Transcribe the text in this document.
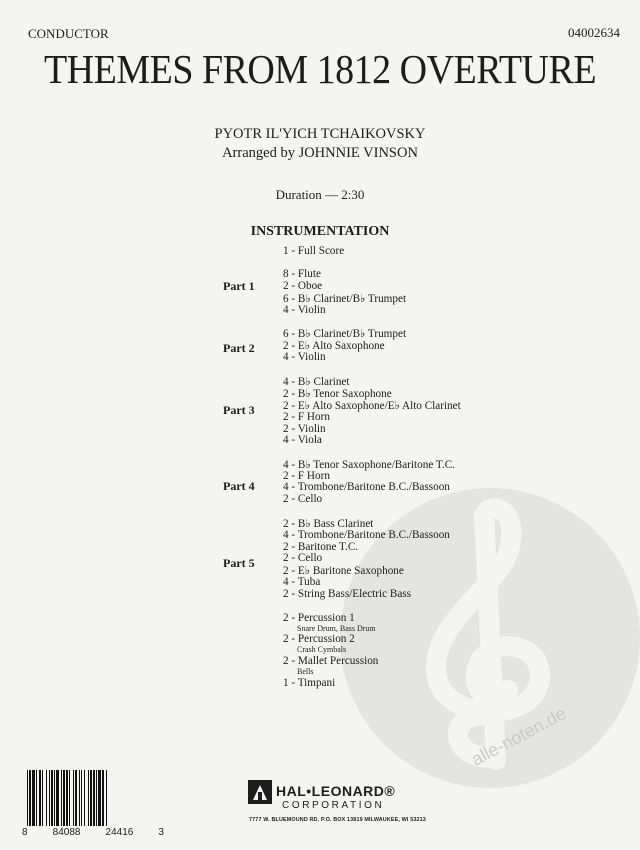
alle-noten.de
CONDUCTOR	04002634
THEMES FROM 1812 OVERTURE
PYOTR IL'YICH TCHAIKOVSKY
Arranged by JOHNNIE VINSON
Duration — 2:30
INSTRUMENTATION
1 - Full Score
Part 1
8 - Flute
2 - Oboe
6 - B♭ Clarinet/B♭ Trumpet
4 - Violin
Part 2
6 - B♭ Clarinet/B♭ Trumpet
2 - E♭ Alto Saxophone
4 - Violin
Part 3
4 - B♭ Clarinet
2 - B♭ Tenor Saxophone
2 - E♭ Alto Saxophone/E♭ Alto Clarinet
2 - F Horn
2 - Violin
4 - Viola
Part 4
4 - B♭ Tenor Saxophone/Baritone T.C.
2 - F Horn
4 - Trombone/Baritone B.C./Bassoon
2 - Cello
Part 5
2 - B♭ Bass Clarinet
4 - Trombone/Baritone B.C./Bassoon
2 - Baritone T.C.
2 - Cello
2 - E♭ Baritone Saxophone
4 - Tuba
2 - String Bass/Electric Bass
2 - Percussion 1
Snare Drum, Bass Drum
2 - Percussion 2
Crash Cymbals
2 - Mallet Percussion
Bells
1 - Timpani
8	84088	24416	3
HAL•LEONARD®
CORPORATION
7777 W. BLUEMOUND RD. P.O. BOX 13819 MILWAUKEE, WI 53213
